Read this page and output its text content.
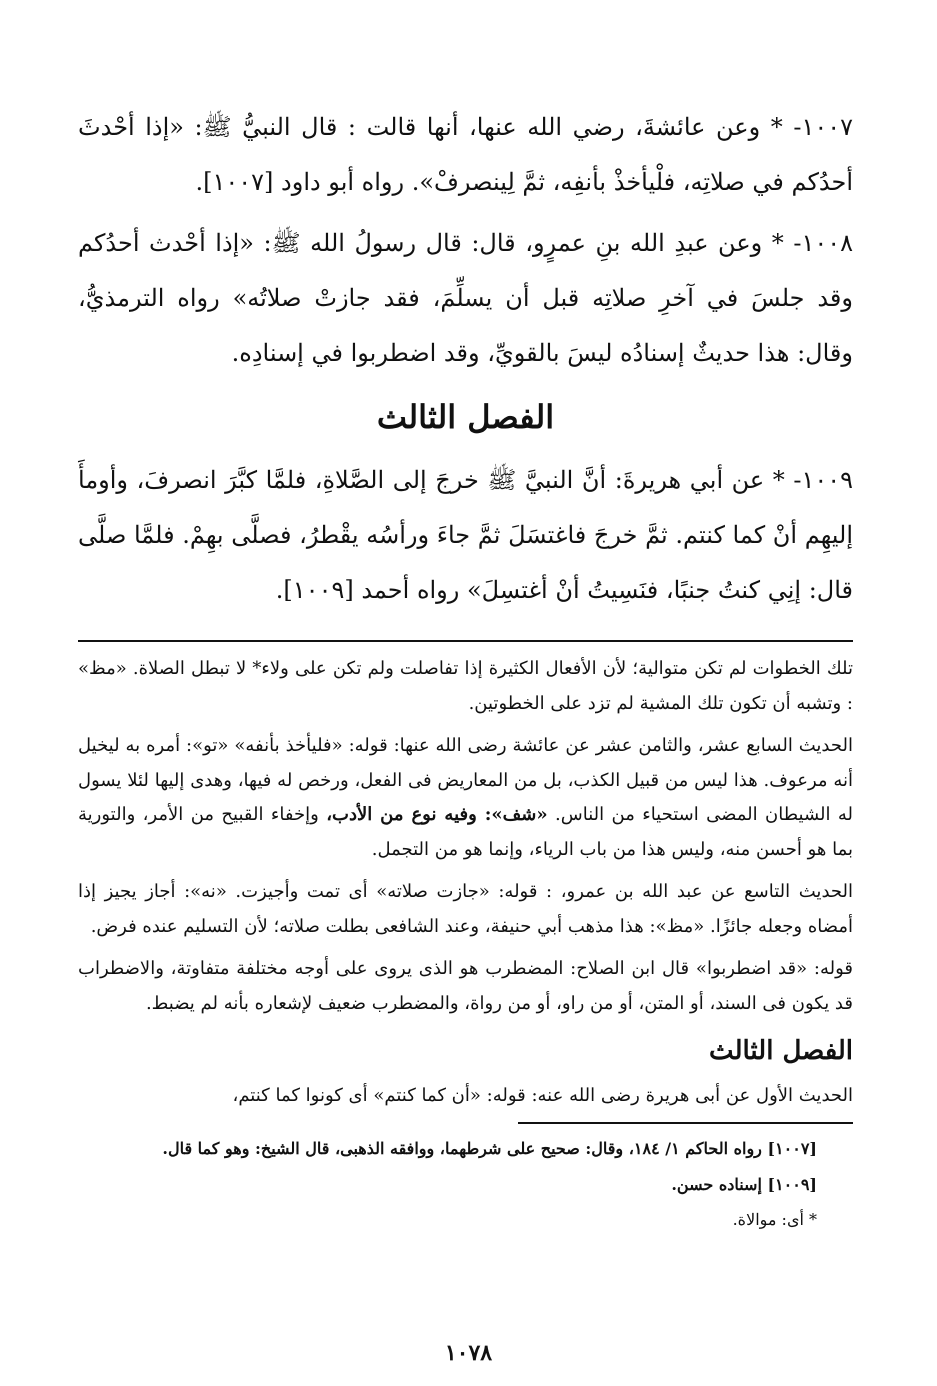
١٠٠٧- * وعن عائشةَ، رضي الله عنها، أنها قالت : قال النبيُّ ﷺ: «إذا أحْدثَ أحدُكم في صلاتِه، فلْيأخذْ بأنفِه، ثمَّ لِينصرفْ». رواه أبو داود [١٠٠٧].

١٠٠٨- * وعن عبدِ الله بنِ عمرٍو، قال: قال رسولُ الله ﷺ: «إذا أحْدث أحدُكم وقد جلسَ في آخرِ صلاتِه قبل أن يسلِّمَ، فقد جازتْ صلاتُه» رواه الترمذيُّ، وقال: هذا حديثٌ إسنادُه ليسَ بالقويِّ، وقد اضطربوا في إسنادِه.

الفصل الثالث

١٠٠٩- * عن أبي هريرةَ: أنَّ النبيَّ ﷺ خرجَ إلى الصَّلاةِ، فلمَّا كبَّرَ انصرفَ، وأومأَ إليهِم أنْ كما كنتم. ثمَّ خرجَ فاغتسَلَ ثمَّ جاءَ ورأسُه يقْطرُ، فصلَّى بهِمْ. فلمَّا صلَّى قال: إنِي كنتُ جنبًا، فنَسِيتُ أنْ أغتسِلَ» رواه أحمد [١٠٠٩].

تلك الخطوات لم تكن متوالية؛ لأن الأفعال الكثيرة إذا تفاصلت ولم تكن على ولاء* لا تبطل الصلاة. «مظ» : وتشبه أن تكون تلك المشية لم تزد على الخطوتين.

الحديث السابع عشر، والثامن عشر عن عائشة رضى الله عنها: قوله: «فليأخذ بأنفه» «تو»: أمره به ليخيل أنه مرعوف. هذا ليس من قبيل الكذب، بل من المعاريض فى الفعل، ورخص له فيها، وهدى إليها لئلا يسول له الشيطان المضى استحياء من الناس. «شف»: وفيه نوع من الأدب، وإخفاء القبيح من الأمر، والتورية بما هو أحسن منه، وليس هذا من باب الرياء، وإنما هو من التجمل.

الحديث التاسع عن عبد الله بن عمرو، : قوله: «جازت صلاته» أى تمت وأجيزت. «نه»: أجاز يجيز إذا أمضاه وجعله جائزًا. «مظ»: هذا مذهب أبي حنيفة، وعند الشافعى بطلت صلاته؛ لأن التسليم عنده فرض.

قوله: «قد اضطربوا» قال ابن الصلاح: المضطرب هو الذى يروى على أوجه مختلفة متفاوتة، والاضطراب قد يكون فى السند، أو المتن، أو من راو، أو من رواة، والمضطرب ضعيف لإشعاره بأنه لم يضبط.

الفصل الثالث

الحديث الأول عن أبى هريرة رضى الله عنه: قوله: «أن كما كنتم» أى كونوا كما كنتم،

[١٠٠٧] رواه الحاكم ١/ ١٨٤، وقال: صحيح على شرطهما، ووافقه الذهبى، قال الشيخ: وهو كما قال.

[١٠٠٩] إسناده حسن.

* أى: موالاة.

١٠٧٨
